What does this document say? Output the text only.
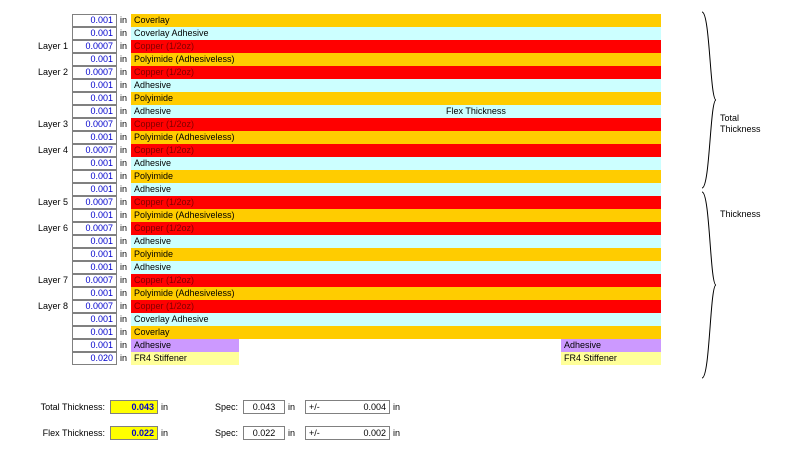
0.001 in Coverlay
0.001 in Coverlay Adhesive
Layer 1	0.0007 in Copper (1/2oz)
0.001 in Polyimide (Adhesiveless)
Layer 2	0.0007 in Copper (1/2oz)
0.001 in Adhesive
0.001 in Polyimide
0.001 in Adhesive	Flex Thickness
Layer 3	0.0007 in Copper (1/2oz)
0.001 in Polyimide (Adhesiveless)
Layer 4	0.0007 in Copper (1/2oz)
0.001 in Adhesive
0.001 in Polyimide
0.001 in Adhesive
Layer 5	0.0007 in Copper (1/2oz)
0.001 in Polyimide (Adhesiveless)
Layer 6	0.0007 in Copper (1/2oz)
0.001 in Adhesive
0.001 in Polyimide
0.001 in Adhesive
Layer 7	0.0007 in Copper (1/2oz)
0.001 in Polyimide (Adhesiveless)
Layer 8	0.0007 in Copper (1/2oz)
0.001 in Coverlay Adhesive
0.001 in Coverlay
0.001 in Adhesive	Adhesive
0.020 in FR4 Stiffener	FR4 Stiffener
Total
Thickness
Thickness
Total Thickness:	0.043 in	Spec:	0.043	in +/-	0.004 in
Flex Thickness:	0.022 in	Spec:	0.022	in +/-	0.002 in
